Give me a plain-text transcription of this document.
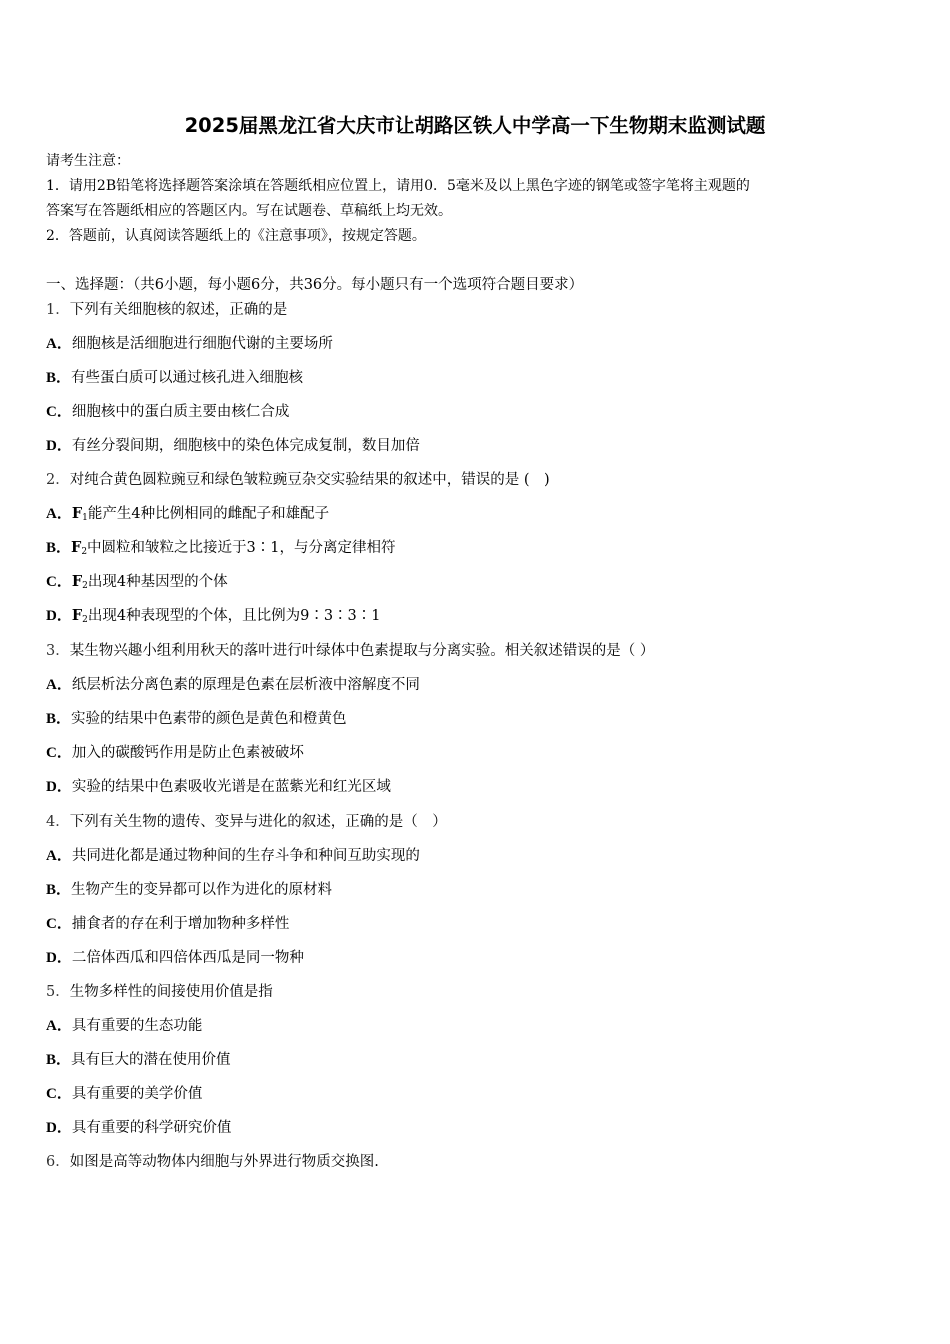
2025届黑龙江省大庆市让胡路区铁人中学高一下生物期末监测试题
请考生注意：
1．请用2B铅笔将选择题答案涂填在答题纸相应位置上，请用0．5毫米及以上黑色字迹的钢笔或签字笔将主观题的
答案写在答题纸相应的答题区内。写在试题卷、草稿纸上均无效。
2．答题前，认真阅读答题纸上的《注意事项》，按规定答题。
一、选择题：（共6小题，每小题6分，共36分。每小题只有一个选项符合题目要求）
1．下列有关细胞核的叙述，正确的是
A．细胞核是活细胞进行细胞代谢的主要场所
B．有些蛋白质可以通过核孔进入细胞核
C．细胞核中的蛋白质主要由核仁合成
D．有丝分裂间期，细胞核中的染色体完成复制，数目加倍
2．对纯合黄色圆粒豌豆和绿色皱粒豌豆杂交实验结果的叙述中，错误的是 (　)
A．$F_1$能产生4种比例相同的雌配子和雄配子
B．$F_2$中圆粒和皱粒之比接近于3∶1，与分离定律相符
C．$F_2$出现4种基因型的个体
D．$F_2$出现4种表现型的个体，且比例为9∶3∶3∶1
3．某生物兴趣小组利用秋天的落叶进行叶绿体中色素提取与分离实验。相关叙述错误的是（ ）
A．纸层析法分离色素的原理是色素在层析液中溶解度不同
B．实验的结果中色素带的颜色是黄色和橙黄色
C．加入的碳酸钙作用是防止色素被破坏
D．实验的结果中色素吸收光谱是在蓝紫光和红光区域
4．下列有关生物的遗传、变异与进化的叙述，正确的是（　）
A．共同进化都是通过物种间的生存斗争和种间互助实现的
B．生物产生的变异都可以作为进化的原材料
C．捕食者的存在利于增加物种多样性
D．二倍体西瓜和四倍体西瓜是同一物种
5．生物多样性的间接使用价值是指
A．具有重要的生态功能
B．具有巨大的潜在使用价值
C．具有重要的美学价值
D．具有重要的科学研究价值
6．如图是高等动物体内细胞与外界进行物质交换图.
